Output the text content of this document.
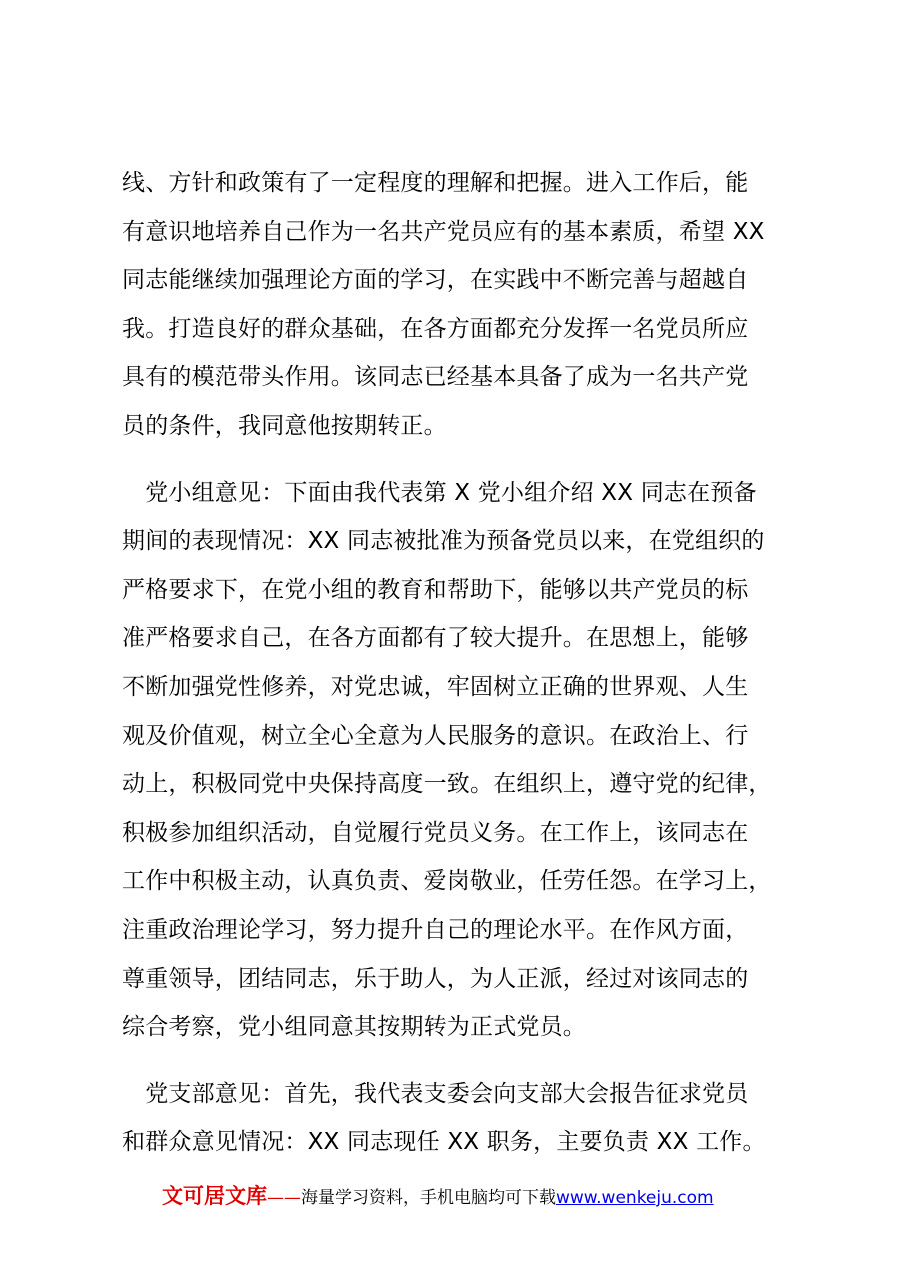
线、方针和政策有了一定程度的理解和把握。进入工作后，能
有意识地培养自己作为一名共产党员应有的基本素质，希望 XX
同志能继续加强理论方面的学习，在实践中不断完善与超越自
我。打造良好的群众基础，在各方面都充分发挥一名党员所应
具有的模范带头作用。该同志已经基本具备了成为一名共产党
员的条件，我同意他按期转正。
　党小组意见：下面由我代表第 X 党小组介绍 XX 同志在预备
期间的表现情况：XX 同志被批准为预备党员以来，在党组织的
严格要求下，在党小组的教育和帮助下，能够以共产党员的标
准严格要求自己，在各方面都有了较大提升。在思想上，能够
不断加强党性修养，对党忠诚，牢固树立正确的世界观、人生
观及价值观，树立全心全意为人民服务的意识。在政治上、行
动上，积极同党中央保持高度一致。在组织上，遵守党的纪律，
积极参加组织活动，自觉履行党员义务。在工作上，该同志在
工作中积极主动，认真负责、爱岗敬业，任劳任怨。在学习上，
注重政治理论学习，努力提升自己的理论水平。在作风方面，
尊重领导，团结同志，乐于助人，为人正派，经过对该同志的
综合考察，党小组同意其按期转为正式党员。
　党支部意见：首先，我代表支委会向支部大会报告征求党员
和群众意见情况：XX 同志现任 XX 职务，主要负责 XX 工作。
文可居文库——海量学习资料，手机电脑均可下载www.wenkeju.com
